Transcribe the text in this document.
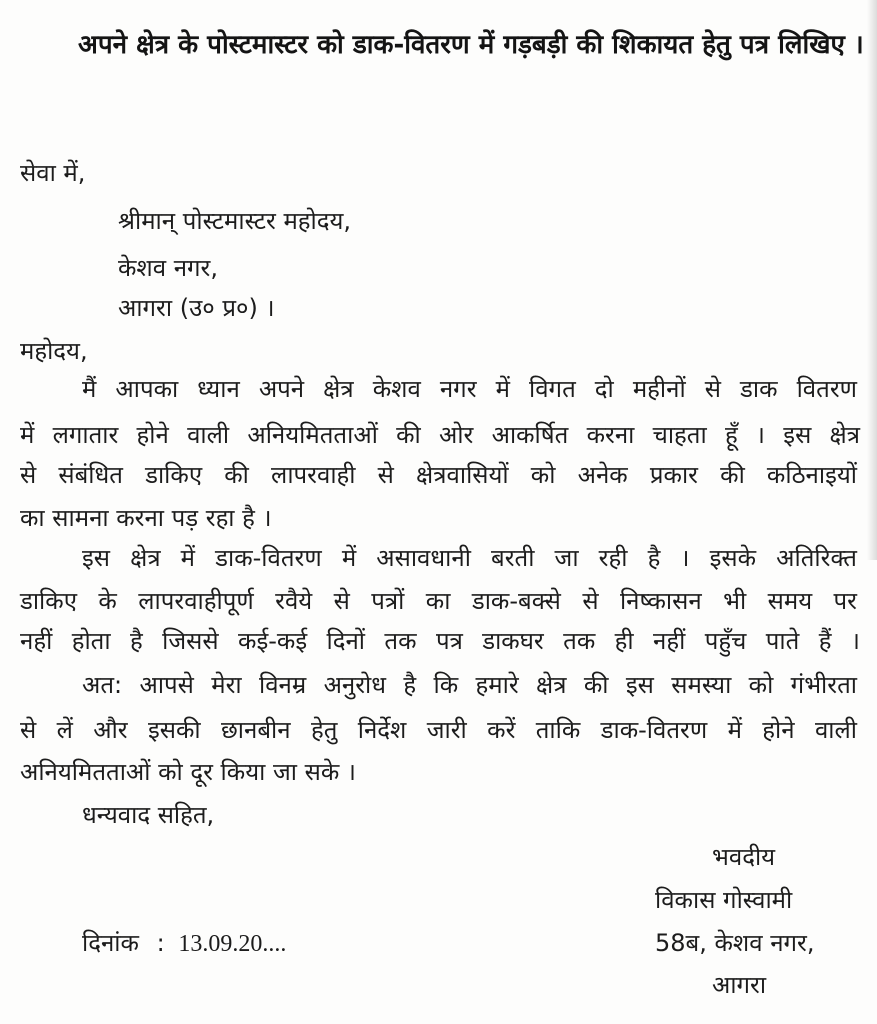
अपने क्षेत्र के पोस्टमास्टर को डाक-वितरण में गड़बड़ी की शिकायत हेतु पत्र लिखिए ।
सेवा में,
श्रीमान् पोस्टमास्टर महोदय,
केशव नगर,
आगरा (उ० प्र०) ।
महोदय,
मैं आपका ध्यान अपने क्षेत्र केशव नगर में विगत दो महीनों से डाक वितरण
में लगातार होने वाली अनियमितताओं की ओर आकर्षित करना चाहता हूँ । इस क्षेत्र
से संबंधित डाकिए की लापरवाही से क्षेत्रवासियों को अनेक प्रकार की कठिनाइयों
का सामना करना पड़ रहा है ।
इस क्षेत्र में डाक-वितरण में असावधानी बरती जा रही है । इसके अतिरिक्त
डाकिए के लापरवाहीपूर्ण रवैये से पत्रों का डाक-बक्से से निष्कासन भी समय पर
नहीं होता है जिससे कई-कई दिनों तक पत्र डाकघर तक ही नहीं पहुँच पाते हैं ।
अत: आपसे मेरा विनम्र अनुरोध है कि हमारे क्षेत्र की इस समस्या को गंभीरता
से लें और इसकी छानबीन हेतु निर्देश जारी करें ताकि डाक-वितरण में होने वाली
अनियमितताओं को दूर किया जा सके ।
धन्यवाद सहित,
भवदीय
विकास गोस्वामी
58ब, केशव नगर,
आगरा
दिनांक : 13.09.20....
